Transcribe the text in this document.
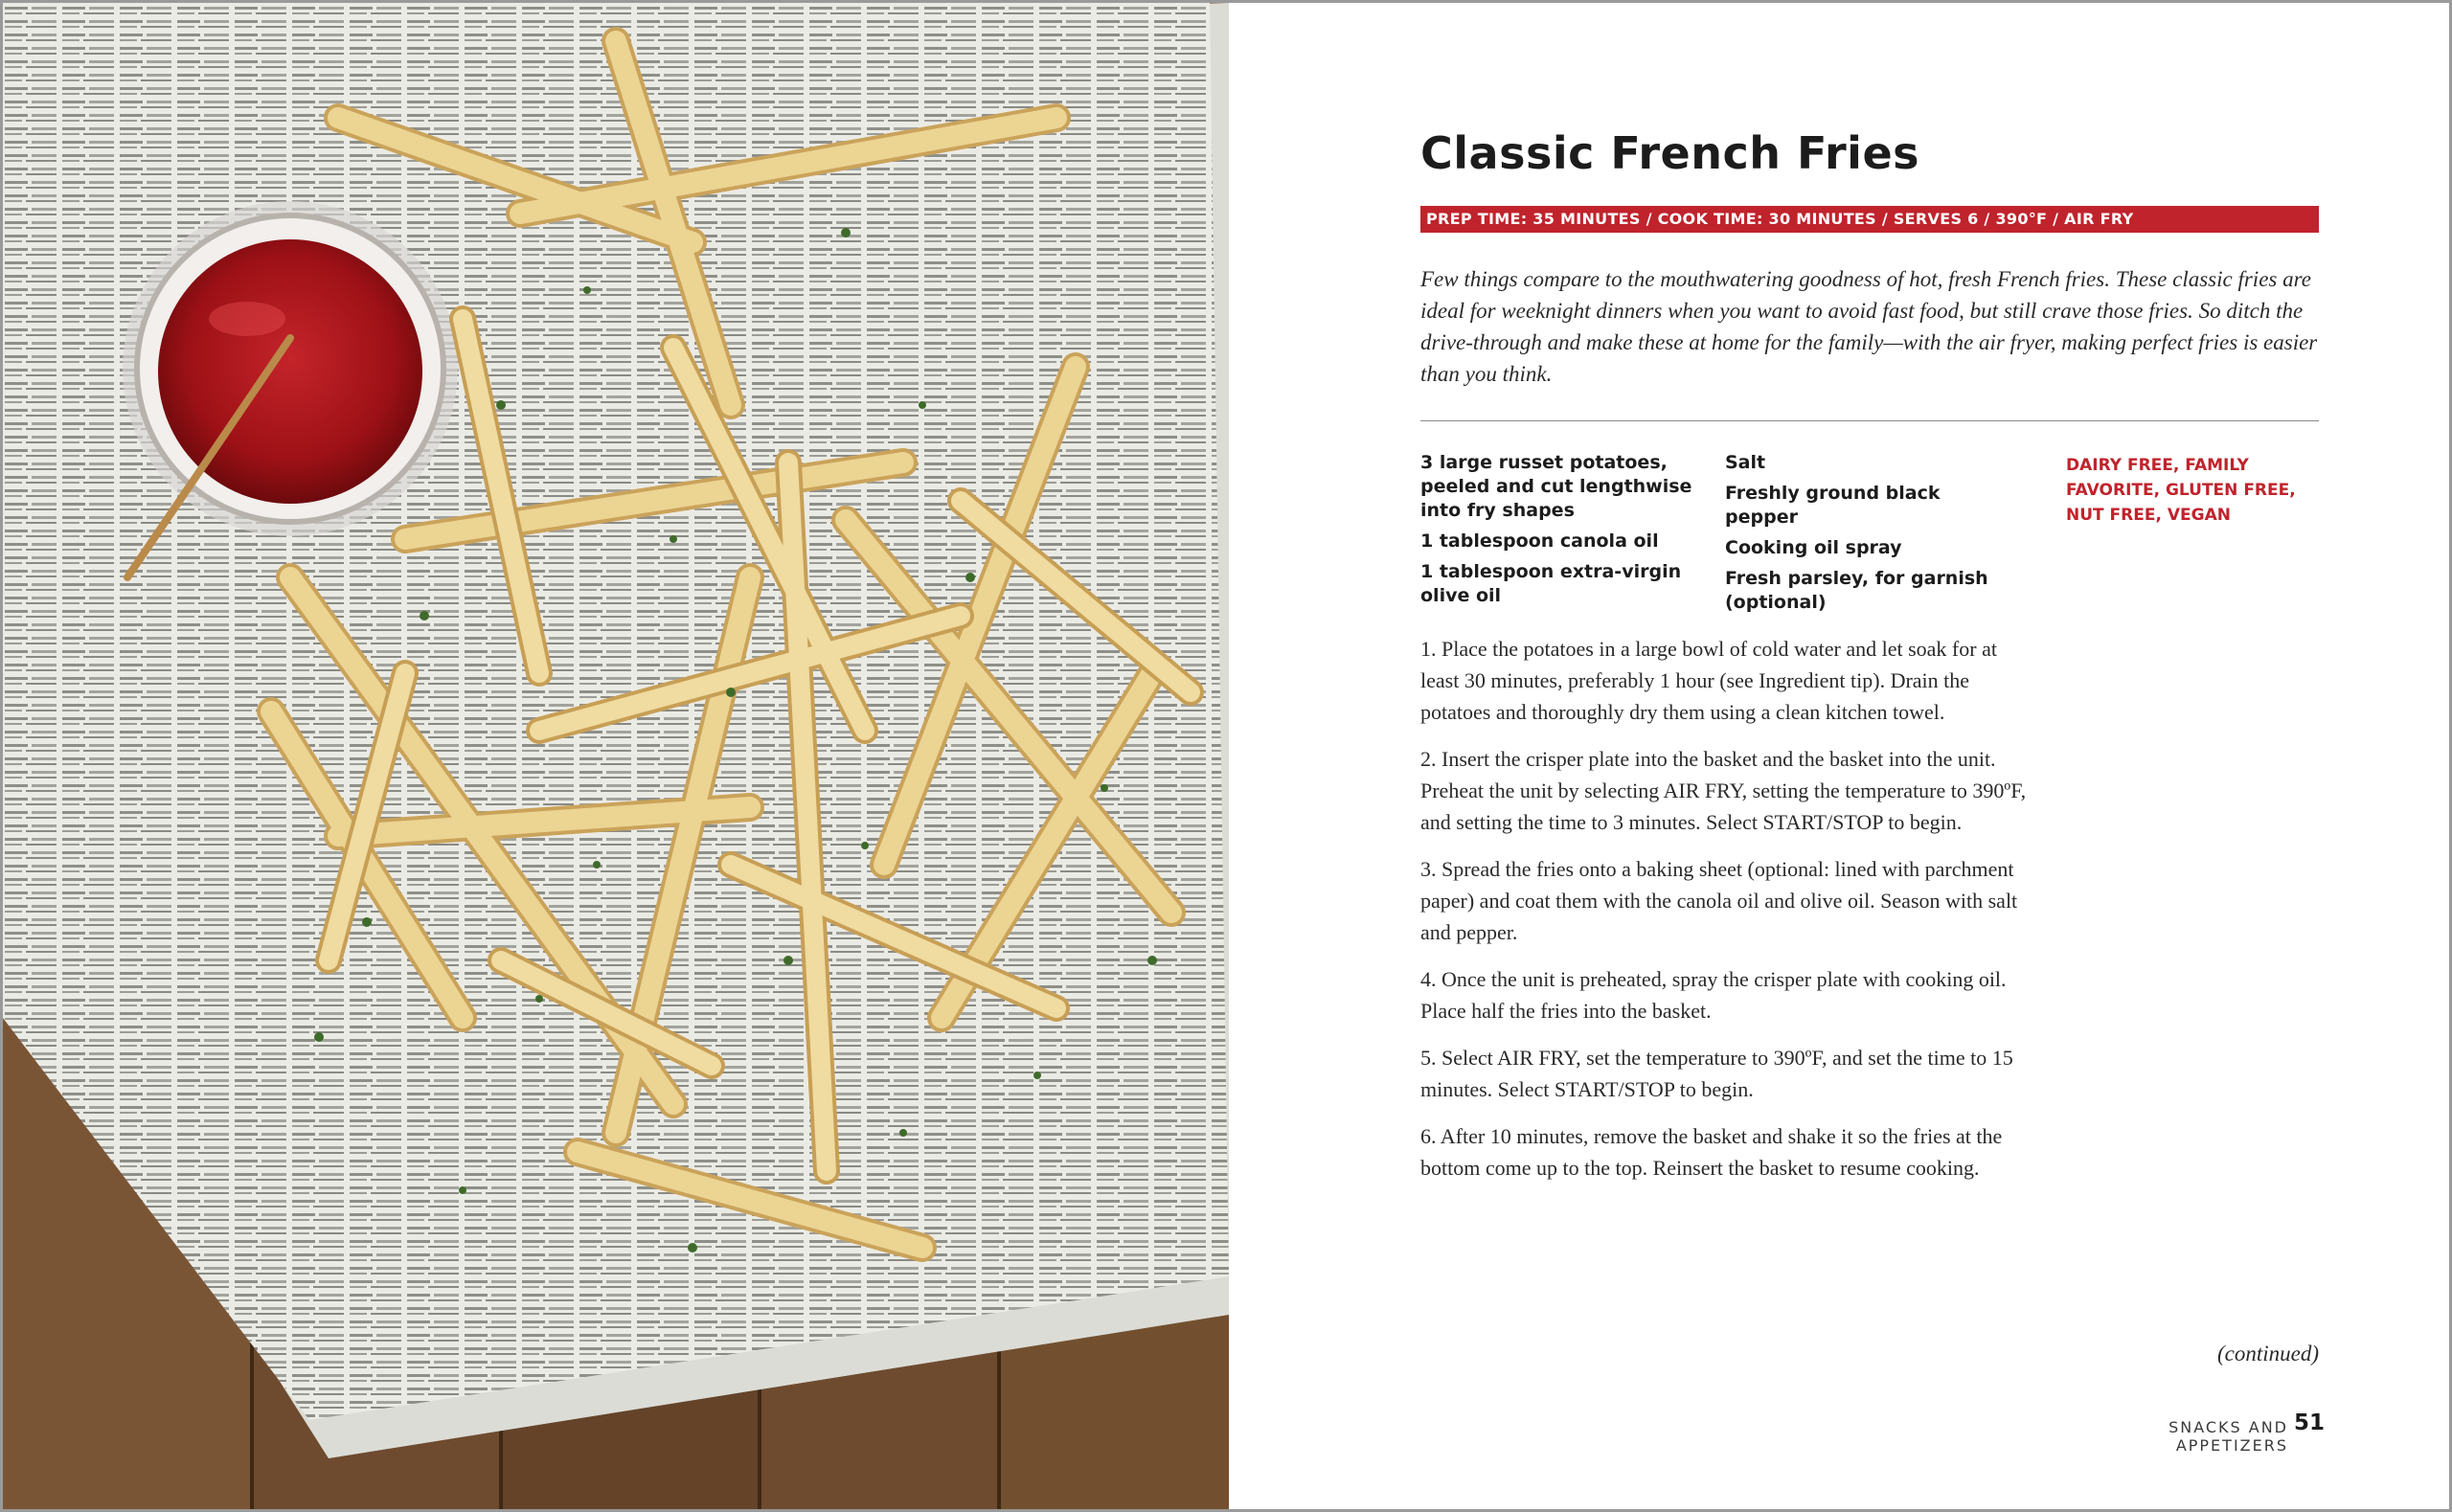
Classic French Fries
PREP TIME: 35 MINUTES / COOK TIME: 30 MINUTES / SERVES 6 / 390°F / AIR FRY

Few things compare to the mouthwatering goodness of hot, fresh French fries. These classic fries are ideal for weeknight dinners when you want to avoid fast food, but still crave those fries. So ditch the drive-through and make these at home for the family—with the air fryer, making perfect fries is easier than you think.

3 large russet potatoes, peeled and cut lengthwise into fry shapes
1 tablespoon canola oil
1 tablespoon extra-virgin olive oil
Salt
Freshly ground black pepper
Cooking oil spray
Fresh parsley, for garnish (optional)

DAIRY FREE, FAMILY FAVORITE, GLUTEN FREE, NUT FREE, VEGAN

1. Place the potatoes in a large bowl of cold water and let soak for at least 30 minutes, preferably 1 hour (see Ingredient tip). Drain the potatoes and thoroughly dry them using a clean kitchen towel.
2. Insert the crisper plate into the basket and the basket into the unit. Preheat the unit by selecting AIR FRY, setting the temperature to 390ºF, and setting the time to 3 minutes. Select START/STOP to begin.
3. Spread the fries onto a baking sheet (optional: lined with parchment paper) and coat them with the canola oil and olive oil. Season with salt and pepper.
4. Once the unit is preheated, spray the crisper plate with cooking oil. Place half the fries into the basket.
5. Select AIR FRY, set the temperature to 390ºF, and set the time to 15 minutes. Select START/STOP to begin.
6. After 10 minutes, remove the basket and shake it so the fries at the bottom come up to the top. Reinsert the basket to resume cooking.
(continued)
SNACKS AND APPETIZERS
51
